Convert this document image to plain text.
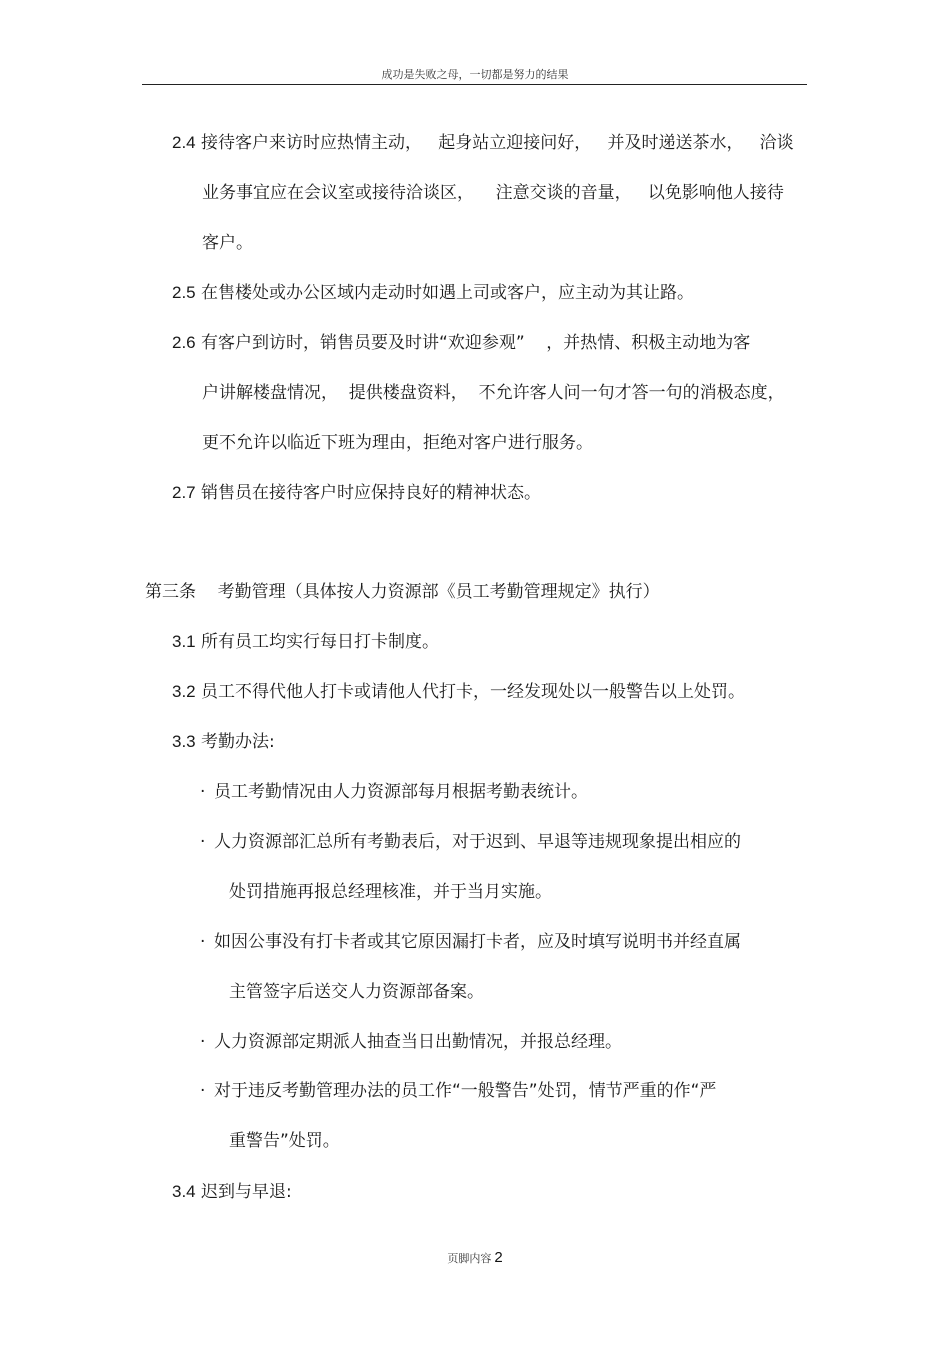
成功是失败之母，一切都是努力的结果
2.4 接待客户来访时应热情主动，   起身站立迎接问好，   并及时递送茶水，   洽谈
业务事宜应在会议室或接待洽谈区，    注意交谈的音量，   以免影响他人接待
客户。
2.5 在售楼处或办公区域内走动时如遇上司或客户，应主动为其让路。
2.6 有客户到访时，销售员要及时讲“欢迎参观”    ，并热情、积极主动地为客
户讲解楼盘情况，  提供楼盘资料，  不允许客人问一句才答一句的消极态度，
更不允许以临近下班为理由，拒绝对客户进行服务。
2.7 销售员在接待客户时应保持良好的精神状态。
第三条    考勤管理（具体按人力资源部《员工考勤管理规定》执行）
3.1 所有员工均实行每日打卡制度。
3.2 员工不得代他人打卡或请他人代打卡，一经发现处以一般警告以上处罚。
3.3 考勤办法:
· 员工考勤情况由人力资源部每月根据考勤表统计。
· 人力资源部汇总所有考勤表后，对于迟到、早退等违规现象提出相应的
处罚措施再报总经理核准，并于当月实施。
· 如因公事没有打卡者或其它原因漏打卡者，应及时填写说明书并经直属
主管签字后送交人力资源部备案。
· 人力资源部定期派人抽查当日出勤情况，并报总经理。
· 对于违反考勤管理办法的员工作“一般警告”处罚，情节严重的作“严
重警告”处罚。
3.4 迟到与早退:
页脚内容 2
